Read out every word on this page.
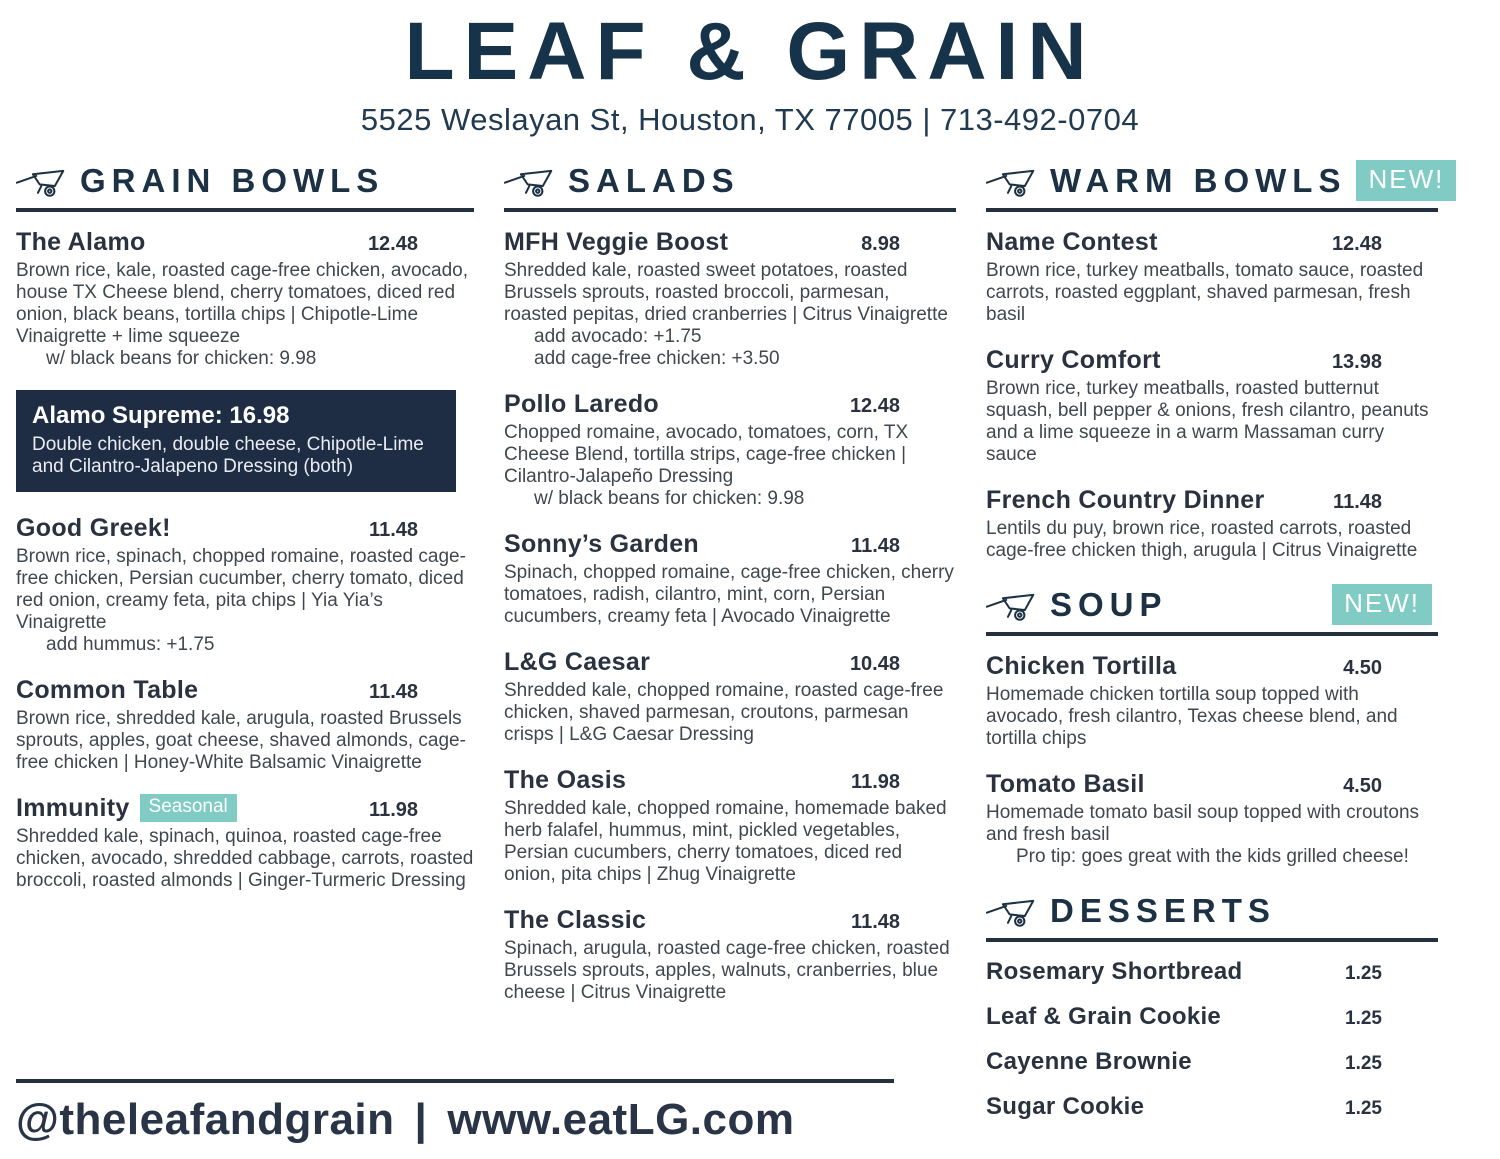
LEAF & GRAIN
5525 Weslayan St, Houston, TX 77005 | 713-492-0704
GRAIN BOWLS
The Alamo	12.48

Brown rice, kale, roasted cage-free chicken, avocado, house TX Cheese blend, cherry tomatoes, diced red onion, black beans, tortilla chips | Chipotle-Lime Vinaigrette + lime squeeze

w/ black beans for chicken: 9.98

Alamo Supreme: 16.98
Double chicken, double cheese, Chipotle-Lime and Cilantro-Jalapeno Dressing (both)
Good Greek!	11.48

Brown rice, spinach, chopped romaine, roasted cage-free chicken, Persian cucumber, cherry tomato, diced red onion, creamy feta, pita chips | Yia Yia’s Vinaigrette

add hummus: +1.75

Common Table	11.48

Brown rice, shredded kale, arugula, roasted Brussels sprouts, apples, goat cheese, shaved almonds, cage-free chicken | Honey-White Balsamic Vinaigrette

Immunity	Seasonal	11.98

Shredded kale, spinach, quinoa, roasted cage-free chicken, avocado, shredded cabbage, carrots, roasted broccoli, roasted almonds | Ginger-Turmeric Dressing

SALADS
MFH Veggie Boost	8.98

Shredded kale, roasted sweet potatoes, roasted Brussels sprouts, roasted broccoli, parmesan, roasted pepitas, dried cranberries | Citrus Vinaigrette

add avocado: +1.75

add cage-free chicken: +3.50

Pollo Laredo	12.48

Chopped romaine, avocado, tomatoes, corn, TX Cheese Blend, tortilla strips, cage-free chicken | Cilantro-Jalapeño Dressing

w/ black beans for chicken: 9.98

Sonny’s Garden	11.48

Spinach, chopped romaine, cage-free chicken, cherry tomatoes, radish, cilantro, mint, corn, Persian cucumbers, creamy feta | Avocado Vinaigrette

L&G Caesar	10.48

Shredded kale, chopped romaine, roasted cage-free chicken, shaved parmesan, croutons, parmesan crisps | L&G Caesar Dressing

The Oasis	11.98

Shredded kale, chopped romaine, homemade baked herb falafel, hummus, mint, pickled vegetables, Persian cucumbers, cherry tomatoes, diced red onion, pita chips | Zhug Vinaigrette

The Classic	11.48

Spinach, arugula, roasted cage-free chicken, roasted Brussels sprouts, apples, walnuts, cranberries, blue cheese | Citrus Vinaigrette

WARM BOWLS NEW!
Name Contest	12.48

Brown rice, turkey meatballs, tomato sauce, roasted carrots, roasted eggplant, shaved parmesan, fresh basil

Curry Comfort	13.98

Brown rice, turkey meatballs, roasted butternut squash, bell pepper & onions, fresh cilantro, peanuts and a lime squeeze in a warm Massaman curry sauce

French Country Dinner	11.48

Lentils du puy, brown rice, roasted carrots, roasted cage-free chicken thigh, arugula | Citrus Vinaigrette

SOUP	NEW!
Chicken Tortilla	4.50

Homemade chicken tortilla soup topped with avocado, fresh cilantro, Texas cheese blend, and tortilla chips

Tomato Basil	4.50

Homemade tomato basil soup topped with croutons and fresh basil

Pro tip: goes great with the kids grilled cheese!

DESSERTS
Rosemary Shortbread	1.25
Leaf & Grain Cookie	1.25
Cayenne Brownie	1.25
Sugar Cookie	1.25
@theleafandgrain | www.eatLG.com
